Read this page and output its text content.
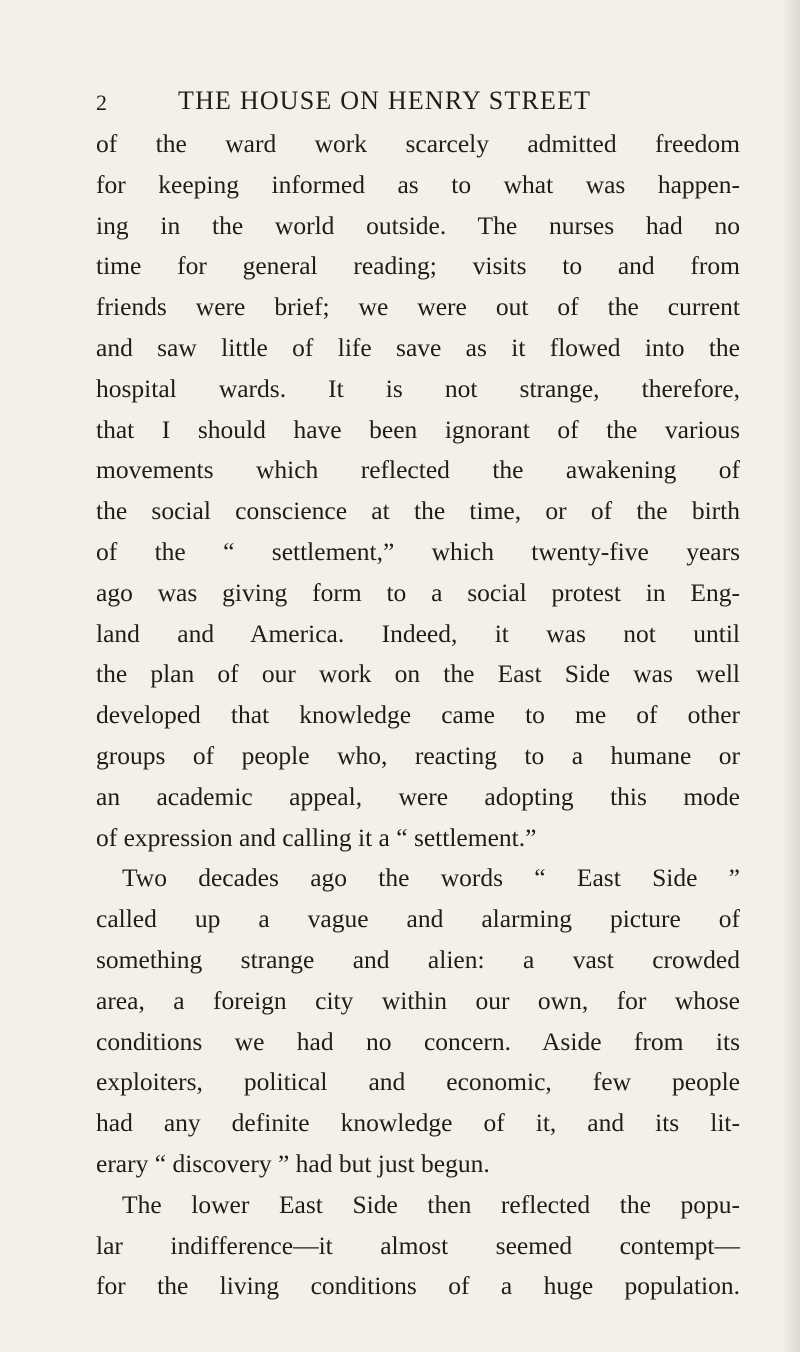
2	THE HOUSE ON HENRY STREET
of the ward work scarcely admitted freedom
for keeping informed as to what was happen-
ing in the world outside. The nurses had no
time for general reading; visits to and from
friends were brief; we were out of the current
and saw little of life save as it flowed into the
hospital wards. It is not strange, therefore,
that I should have been ignorant of the various
movements which reflected the awakening of
the social conscience at the time, or of the birth
of the “ settlement,” which twenty-five years
ago was giving form to a social protest in Eng-
land and America. Indeed, it was not until
the plan of our work on the East Side was well
developed that knowledge came to me of other
groups of people who, reacting to a humane or
an academic appeal, were adopting this mode
of expression and calling it a “ settlement.”
Two decades ago the words “ East Side ”
called up a vague and alarming picture of
something strange and alien: a vast crowded
area, a foreign city within our own, for whose
conditions we had no concern. Aside from its
exploiters, political and economic, few people
had any definite knowledge of it, and its lit-
erary “ discovery ” had but just begun.
The lower East Side then reflected the popu-
lar indifference—it almost seemed contempt—
for the living conditions of a huge population.
